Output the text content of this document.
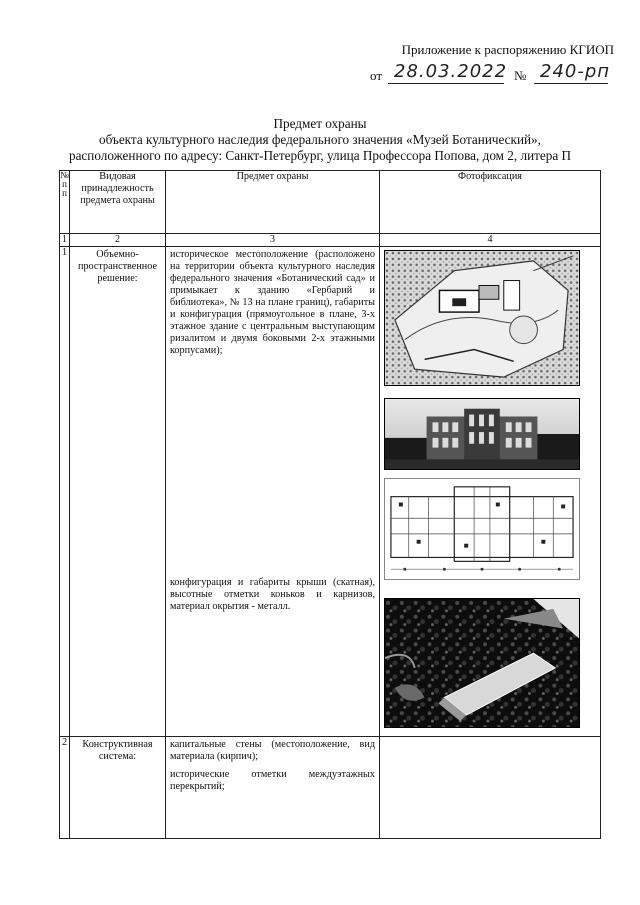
Приложение к распоряжению КГИОП
от 28.03.2022 № 240-рп
Предмет охраны
объекта культурного наследия федерального значения «Музей Ботанический»,
расположенного по адресу: Санкт-Петербург, улица Профессора Попова, дом 2, литера П
№ п п	Видовая принадлежность предмета охраны	Предмет охраны	Фотофиксация
1	2	3	4
1	Объемно-пространственное решение:	историческое местоположение (расположено на территории объекта культурного наследия федерального значения «Ботанический сад» и примыкает к зданию «Гербарий и библиотека», № 13 на плане границ), габариты и конфигурация (прямоугольное в плане, 3-х этажное здание с центральным выступающим ризалитом и двумя боковыми 2-х этажными корпусами);

конфигурация и габариты крыши (скатная), высотные отметки коньков и карнизов, материал окрытия - металл.	

2	Конструктивная система:	капитальные стены (местоположение, вид материала (кирпич);

исторические отметки междуэтажных перекрытий;	
